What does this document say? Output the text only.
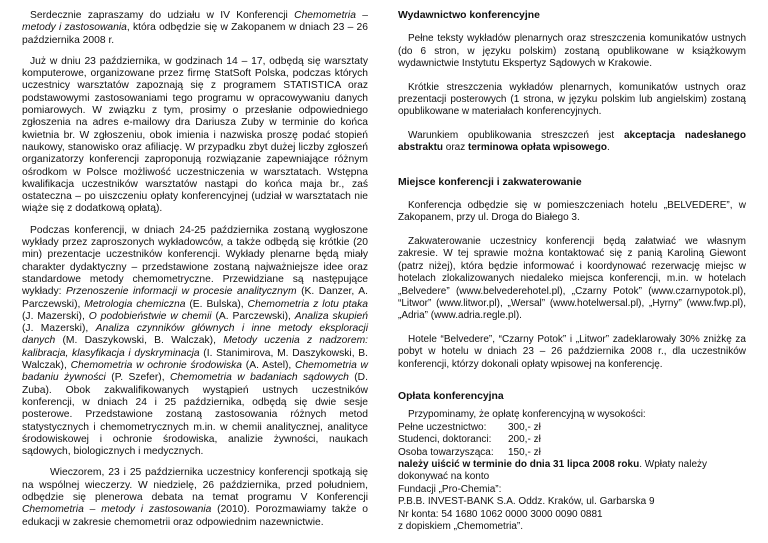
Serdecznie zapraszamy do udziału w IV Konferencji Chemometria – metody i zastosowania, która odbędzie się w Zakopanem w dniach 23 – 26 października 2008 r.

Już w dniu 23 października, w godzinach 14 – 17, odbędą się warsztaty komputerowe, organizowane przez firmę StatSoft Polska, podczas których uczestnicy warsztatów zapoznają się z programem STATISTICA oraz podstawowymi zastosowaniami tego programu w opracowywaniu danych pomiarowych. W związku z tym, prosimy o przesłanie odpowiedniego zgłoszenia na adres e-mailowy dra Dariusza Zuby w terminie do końca kwietnia br. W zgłoszeniu, obok imienia i nazwiska proszę podać stopień naukowy, stanowisko oraz afiliację. W przypadku zbyt dużej liczby zgłoszeń organizatorzy konferencji zaproponują rozwiązanie zapewniające różnym ośrodkom w Polsce możliwość uczestniczenia w warsztatach. Wstępna kwalifikacja uczestników warsztatów nastąpi do końca maja br., zaś ostateczna – po uiszczeniu opłaty konferencyjnej (udział w warsztatach nie wiąże się z dodatkową opłatą).

Podczas konferencji, w dniach 24-25 października zostaną wygłoszone wykłady przez zaproszonych wykładowców, a także odbędą się krótkie (20 min) prezentacje uczestników konferencji. Wykłady plenarne będą miały charakter dydaktyczny – przedstawione zostaną najważniejsze idee oraz standardowe metody chemometryczne. Przewidziane są następujące wykłady: Przenoszenie informacji w procesie analitycznym (K. Danzer, A. Parczewski), Metrologia chemiczna (E. Bulska), Chemometria z lotu ptaka (J. Mazerski), O podobieństwie w chemii (A. Parczewski), Analiza skupień (J. Mazerski), Analiza czynników głównych i inne metody eksploracji danych (M. Daszykowski, B. Walczak), Metody uczenia z nadzorem: kalibracja, klasyfikacja i dyskryminacja (I. Stanimirova, M. Daszykowski, B. Walczak), Chemometria w ochronie środowiska (A. Astel), Chemometria w badaniu żywności (P. Szefer), Chemometria w badaniach sądowych (D. Zuba). Obok zakwalifikowanych wystąpień ustnych uczestników konferencji, w dniach 24 i 25 października, odbędą się dwie sesje posterowe. Przedstawione zostaną zastosowania różnych metod statystycznych i chemometrycznych m.in. w chemii analitycznej, analityce środowiskowej i ochronie środowiska, analizie żywności, naukach sądowych, biologicznych i medycznych.

Wieczorem, 23 i 25 października uczestnicy konferencji spotkają się na wspólnej wieczerzy. W niedzielę, 26 października, przed południem, odbędzie się plenerowa debata na temat programu V Konferencji Chemometria – metody i zastosowania (2010). Porozmawiamy także o edukacji w zakresie chemometrii oraz odpowiednim nazewnictwie.

Wydawnictwo konferencyjne

Pełne teksty wykładów plenarnych oraz streszczenia komunikatów ustnych (do 6 stron, w języku polskim) zostaną opublikowane w książkowym wydawnictwie Instytutu Ekspertyz Sądowych w Krakowie.

Krótkie streszczenia wykładów plenarnych, komunikatów ustnych oraz prezentacji posterowych (1 strona, w języku polskim lub angielskim) zostaną opublikowane w materiałach konferencyjnych.

Warunkiem opublikowania streszczeń jest akceptacja nadesłanego abstraktu oraz terminowa opłata wpisowego.

Miejsce konferencji i zakwaterowanie

Konferencja odbędzie się w pomieszczeniach hotelu „BELVEDERE”, w Zakopanem, przy ul. Droga do Białego 3.

Zakwaterowanie uczestnicy konferencji będą załatwiać we własnym zakresie. W tej sprawie można kontaktować się z panią Karoliną Giewont (patrz niżej), która będzie informować i koordynować rezerwację miejsc w hotelach zlokalizowanych niedaleko miejsca konferencji, m.in. w hotelach „Belvedere” (www.belvederehotel.pl), „Czarny Potok” (www.czarnypotok.pl), “Litwor” (www.litwor.pl), „Wersal” (www.hotelwersal.pl), „Hyrny” (www.fwp.pl), „Adria” (www.adria.regle.pl).

Hotele “Belvedere”, “Czarny Potok” i „Litwor” zadeklarowały 30% zniżkę za pobyt w hotelu w dniach 23 – 26 października 2008 r., dla uczestników konferencji, którzy dokonali opłaty wpisowej na konferencję.

Opłata konferencyjna
Przypominamy, że opłatę konferencyjną w wysokości:
Pełne uczestnictwo:	300,- zł
Studenci, doktoranci:	200,- zł
Osoba towarzysząca:	150,- zł
należy uiścić w terminie do dnia 31 lipca 2008 roku. Wpłaty należy dokonywać na konto
Fundacji „Pro-Chemia”:
P.B.B. INVEST-BANK S.A. Oddz. Kraków, ul. Garbarska 9
Nr konta: 54 1680 1062 0000 3000 0090 0881
z dopiskiem „Chemometria”.
